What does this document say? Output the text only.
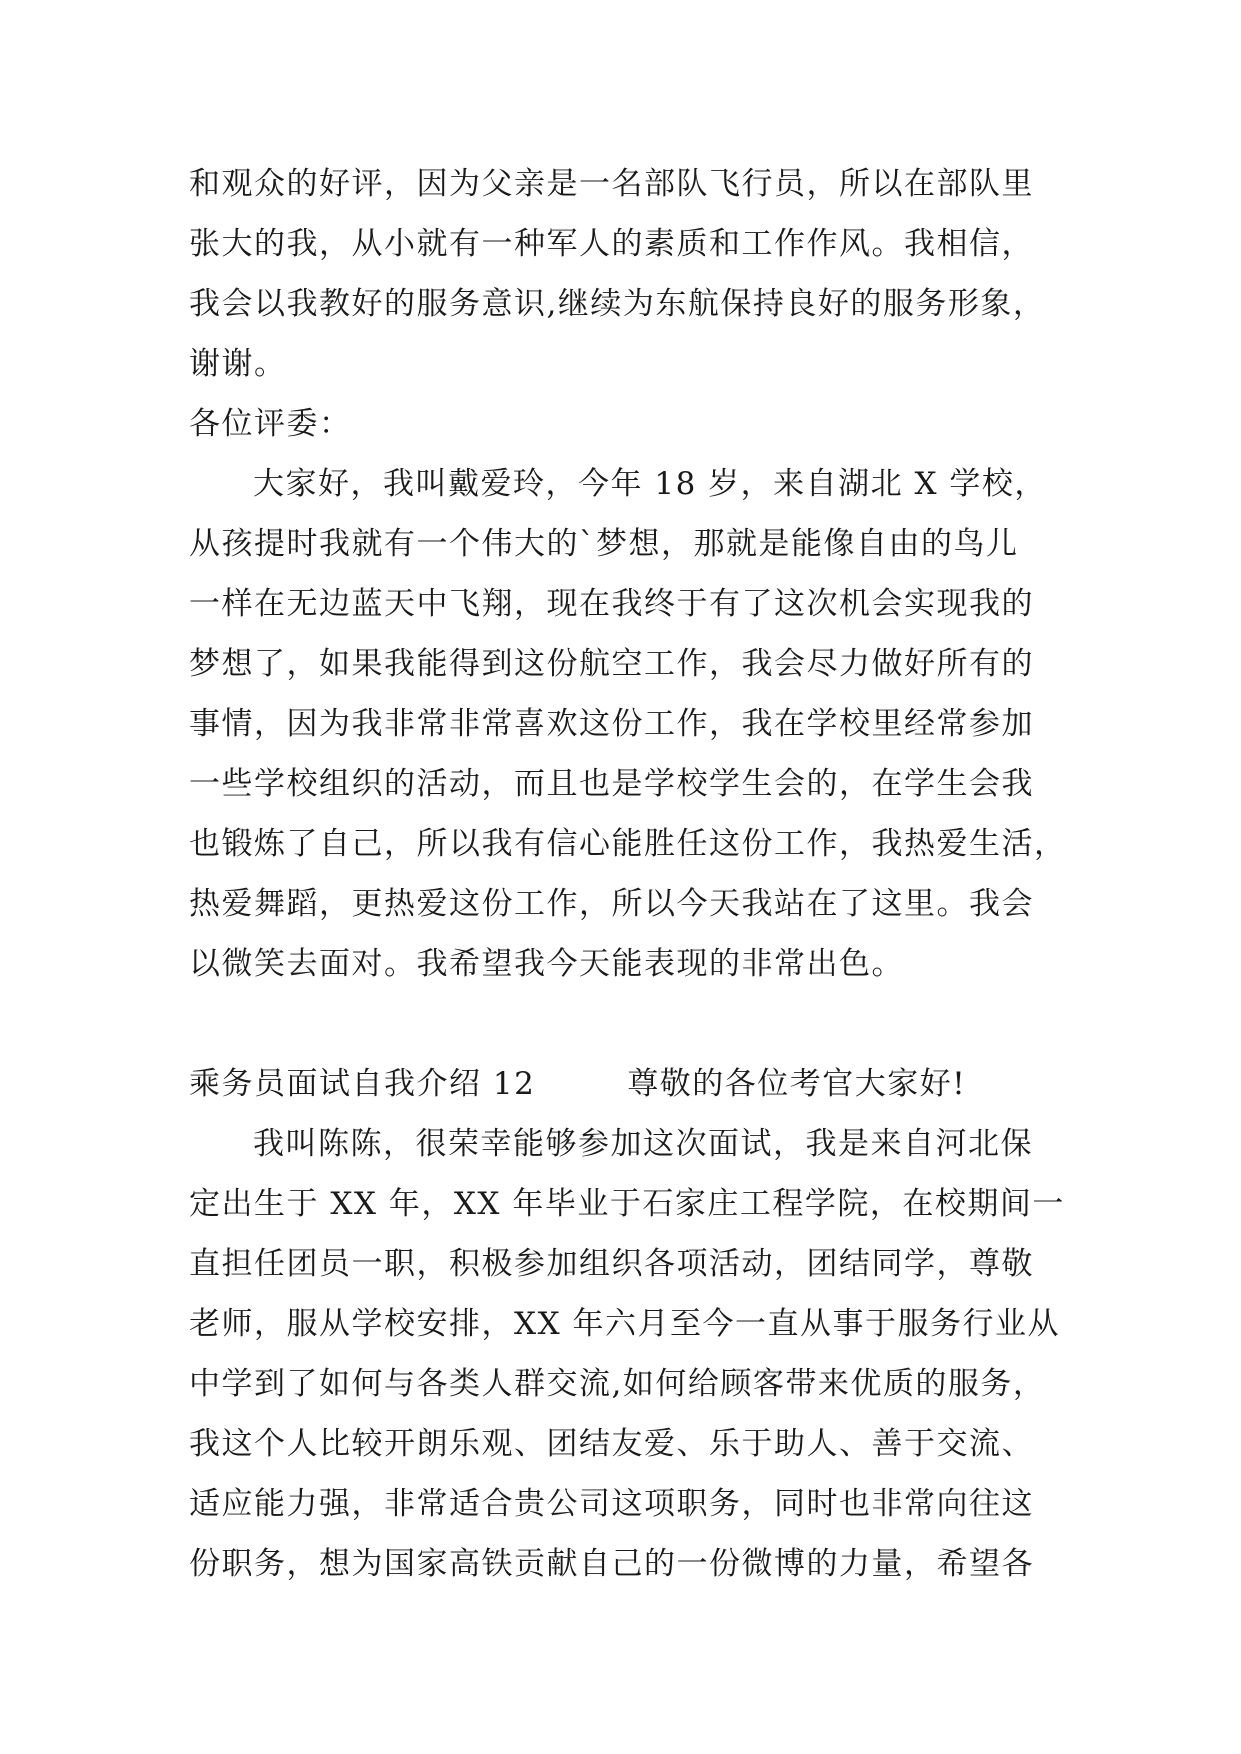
和观众的好评，因为父亲是一名部队飞行员，所以在部队里
张大的我，从小就有一种军人的素质和工作作风。我相信，
我会以我教好的服务意识,继续为东航保持良好的服务形象，
谢谢。
各位评委：
大家好，我叫戴爱玲，今年 18 岁，来自湖北 X 学校，
从孩提时我就有一个伟大的`梦想，那就是能像自由的鸟儿
一样在无边蓝天中飞翔，现在我终于有了这次机会实现我的
梦想了，如果我能得到这份航空工作，我会尽力做好所有的
事情，因为我非常非常喜欢这份工作，我在学校里经常参加
一些学校组织的活动，而且也是学校学生会的，在学生会我
也锻炼了自己，所以我有信心能胜任这份工作，我热爱生活，
热爱舞蹈，更热爱这份工作，所以今天我站在了这里。我会
以微笑去面对。我希望我今天能表现的非常出色。
乘务员面试自我介绍 12	尊敬的各位考官大家好!
我叫陈陈，很荣幸能够参加这次面试，我是来自河北保
定出生于 XX 年，XX 年毕业于石家庄工程学院，在校期间一
直担任团员一职，积极参加组织各项活动，团结同学，尊敬
老师，服从学校安排，XX 年六月至今一直从事于服务行业从
中学到了如何与各类人群交流,如何给顾客带来优质的服务，
我这个人比较开朗乐观、团结友爱、乐于助人、善于交流、
适应能力强，非常适合贵公司这项职务，同时也非常向往这
份职务，想为国家高铁贡献自己的一份微博的力量，希望各
